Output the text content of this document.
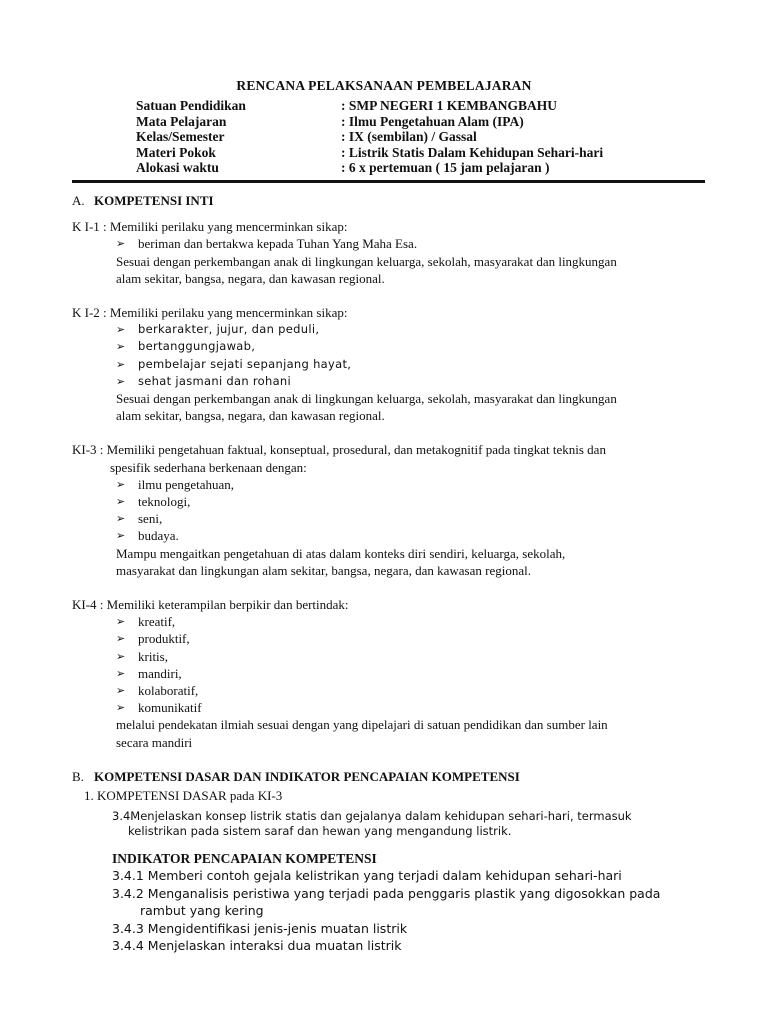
RENCANA PELAKSANAAN PEMBELAJARAN
Satuan Pendidikan	: SMP NEGERI 1 KEMBANGBAHU
Mata Pelajaran	: Ilmu Pengetahuan Alam (IPA)
Kelas/Semester	: IX (sembilan) / Gassal
Materi Pokok	: Listrik Statis Dalam Kehidupan Sehari-hari
Alokasi waktu	: 6 x pertemuan ( 15 jam pelajaran )
A. KOMPETENSI INTI
K I-1 : Memiliki perilaku yang mencerminkan sikap:
➢ beriman dan bertakwa kepada Tuhan Yang Maha Esa.
Sesuai dengan perkembangan anak di lingkungan keluarga, sekolah, masyarakat dan lingkungan
alam sekitar, bangsa, negara, dan kawasan regional.
K I-2 : Memiliki perilaku yang mencerminkan sikap:
➢ berkarakter, jujur, dan peduli,
➢ bertanggungjawab,
➢ pembelajar sejati sepanjang hayat,
➢ sehat jasmani dan rohani
Sesuai dengan perkembangan anak di lingkungan keluarga, sekolah, masyarakat dan lingkungan
alam sekitar, bangsa, negara, dan kawasan regional.
KI-3 : Memiliki pengetahuan faktual, konseptual, prosedural, dan metakognitif pada tingkat teknis dan
spesifik sederhana berkenaan dengan:
➢ ilmu pengetahuan,
➢ teknologi,
➢ seni,
➢ budaya.
Mampu mengaitkan pengetahuan di atas dalam konteks diri sendiri, keluarga, sekolah,
masyarakat dan lingkungan alam sekitar, bangsa, negara, dan kawasan regional.
KI-4 : Memiliki keterampilan berpikir dan bertindak:
➢ kreatif,
➢ produktif,
➢ kritis,
➢ mandiri,
➢ kolaboratif,
➢ komunikatif
melalui pendekatan ilmiah sesuai dengan yang dipelajari di satuan pendidikan dan sumber lain
secara mandiri
B. KOMPETENSI DASAR DAN INDIKATOR PENCAPAIAN KOMPETENSI
1. KOMPETENSI DASAR pada KI-3
3.4Menjelaskan konsep listrik statis dan gejalanya dalam kehidupan sehari-hari, termasuk
kelistrikan pada sistem saraf dan hewan yang mengandung listrik.
INDIKATOR PENCAPAIAN KOMPETENSI
3.4.1 Memberi contoh gejala kelistrikan yang terjadi dalam kehidupan sehari-hari
3.4.2 Menganalisis peristiwa yang terjadi pada penggaris plastik yang digosokkan pada
rambut yang kering
3.4.3 Mengidentifikasi jenis-jenis muatan listrik
3.4.4 Menjelaskan interaksi dua muatan listrik
